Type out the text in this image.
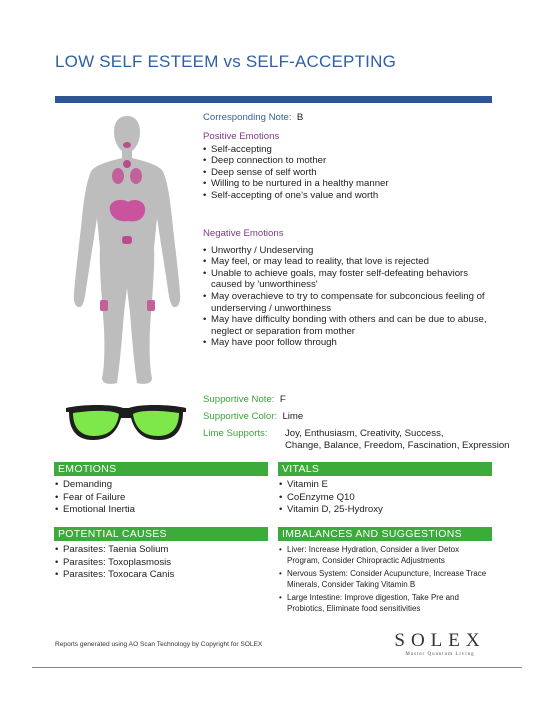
LOW SELF ESTEEM vs SELF-ACCEPTING
Corresponding Note: B
Positive Emotions
• Self-accepting
• Deep connection to mother
• Deep sense of self worth
• Willing to be nurtured in a healthy manner
• Self-accepting of one's value and worth
Negative Emotions
• Unworthy / Undeserving
• May feel, or may lead to reality, that love is rejected
• Unable to achieve goals, may foster self-defeating behaviors caused by 'unworthiness'
• May overachieve to try to compensate for subconcious feeling of underserving / unworthiness
• May have difficulty bonding with others and can be due to abuse, neglect or separation from mother
• May have poor follow through
Supportive Note: F
Supportive Color: Lime
Lime Supports: Joy, Enthusiasm, Creativity, Success,
Change, Balance, Freedom, Fascination, Expression
EMOTIONS
• Demanding
• Fear of Failure
• Emotional Inertia
VITALS
• Vitamin E
• CoEnzyme Q10
• Vitamin D, 25-Hydroxy
POTENTIAL CAUSES
• Parasites: Taenia Solium
• Parasites: Toxoplasmosis
• Parasites: Toxocara Canis
IMBALANCES AND SUGGESTIONS
• Liver: Increase Hydration, Consider a liver Detox Program, Consider Chiropractic Adjustments
• Nervous System: Consider Acupuncture, Increase Trace Minerals, Consider Taking Vitamin B
• Large Intestine: Improve digestion, Take Pre and Probiotics, Eliminate food sensitivities
Reports generated using AO Scan Technology by Copyright for SOLEX	SOLEX
Master Quantum Living
